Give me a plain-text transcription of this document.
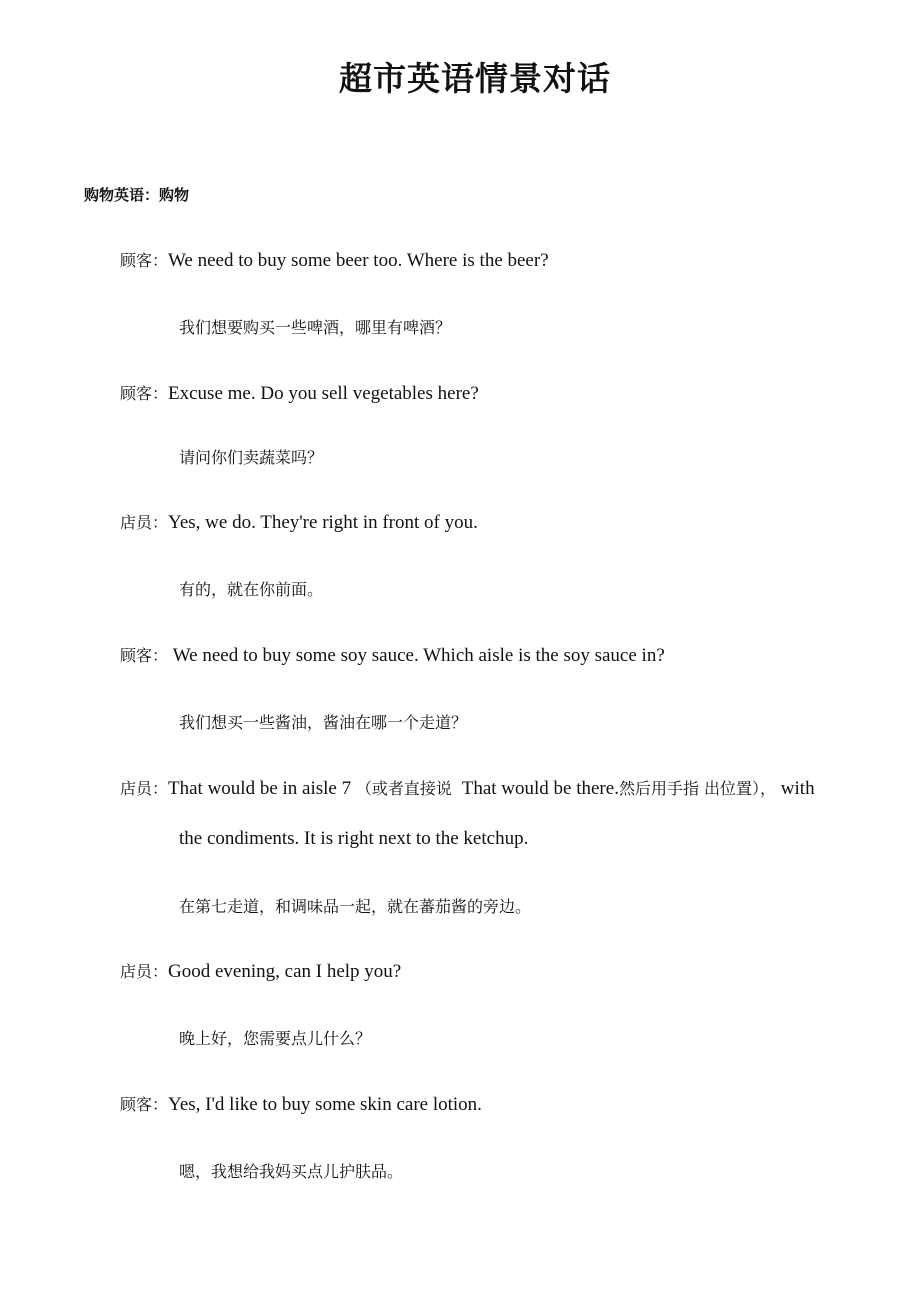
超市英语情景对话
购物英语：购物
顾客：We need to buy some beer too. Where is the beer?
我们想要购买一些啤酒，哪里有啤酒？
顾客：Excuse me. Do you sell vegetables here?
请问你们卖蔬菜吗？
店员：Yes, we do. They're right in front of you.
有的，就在你前面。
顾客： We need to buy some soy sauce. Which aisle is the soy sauce in?
我们想买一些酱油，酱油在哪一个走道？
店员：That would be in aisle 7 （或者直接说  That would be there.然后用手指 出位置）， with
the condiments. It is right next to the ketchup.
在第七走道，和调味品一起，就在蕃茄酱的旁边。
店员：Good evening, can I help you?
晚上好，您需要点儿什么？
顾客：Yes, I'd like to buy some skin care lotion.
嗯，我想给我妈买点儿护肤品。
